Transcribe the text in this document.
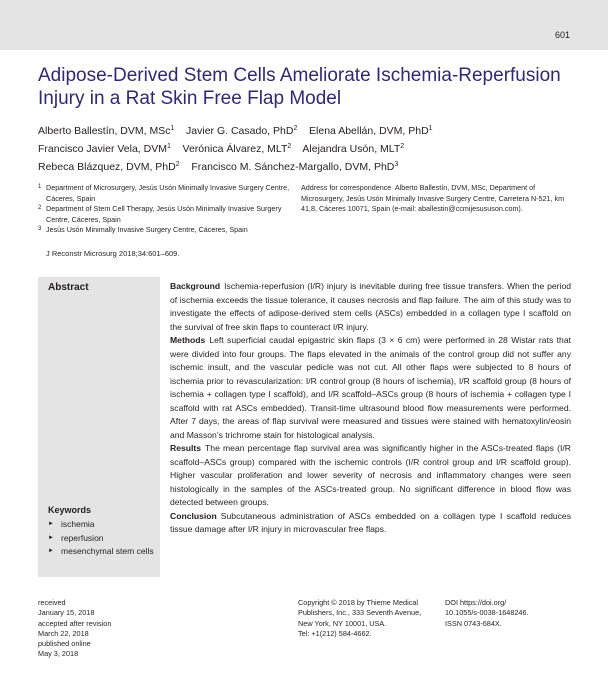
601
Adipose-Derived Stem Cells Ameliorate Ischemia-Reperfusion Injury in a Rat Skin Free Flap Model
Alberto Ballestín, DVM, MSc$^1$ Javier G. Casado, PhD$^2$ Elena Abellán, DVM, PhD$^1$
Francisco Javier Vela, DVM$^1$ Verónica Álvarez, MLT$^2$ Alejandra Usón, MLT$^2$
Rebeca Blázquez, DVM, PhD$^2$ Francisco M. Sánchez-Margallo, DVM, PhD$^3$

1 Department of Microsurgery, Jesús Usón Minimally Invasive Surgery Centre, Cáceres, Spain

2 Department of Stem Cell Therapy, Jesús Usón Minimally Invasive Surgery Centre, Cáceres, Spain

3 Jesús Usón Minimally Invasive Surgery Centre, Cáceres, Spain

Address for correspondence Alberto Ballestín, DVM, MSc, Department of Microsurgery, Jesús Usón Minimally Invasive Surgery Centre, Carretera N-521, km 41,8, Cáceres 10071, Spain (e-mail: aballestin@ccmijesususon.com).
J Reconstr Microsurg 2018;34:601–609.
Abstract
Keywords
► ischemia
► reperfusion
► mesenchymal stem cells

Background Ischemia-reperfusion (I/R) injury is inevitable during free tissue transfers. When the period of ischemia exceeds the tissue tolerance, it causes necrosis and flap failure. The aim of this study was to investigate the effects of adipose-derived stem cells (ASCs) embedded in a collagen type I scaffold on the survival of free skin flaps to counteract I/R injury.

Methods Left superficial caudal epigastric skin flaps (3 × 6 cm) were performed in 28 Wistar rats that were divided into four groups. The flaps elevated in the animals of the control group did not suffer any ischemic insult, and the vascular pedicle was not cut. All other flaps were subjected to 8 hours of ischemia prior to revascularization: I/R control group (8 hours of ischemia), I/R scaffold group (8 hours of ischemia + collagen type I scaffold), and I/R scaffold–ASCs group (8 hours of ischemia + collagen type I scaffold with rat ASCs embedded). Transit-time ultrasound blood flow measurements were performed. After 7 days, the areas of flap survival were measured and tissues were stained with hematoxylin/eosin and Masson’s trichrome stain for histological analysis.

Results The mean percentage flap survival area was significantly higher in the ASCs-treated flaps (I/R scaffold–ASCs group) compared with the ischemic controls (I/R control group and I/R scaffold group). Higher vascular proliferation and lower severity of necrosis and inflammatory changes were seen histologically in the samples of the ASCs-treated group. No significant difference in blood flow was detected between groups.

Conclusion Subcutaneous administration of ASCs embedded on a collagen type I scaffold reduces tissue damage after I/R injury in microvascular free flaps.

received
January 15, 2018
accepted after revision
March 22, 2018
published online
May 3, 2018
Copyright © 2018 by Thieme Medical
Publishers, Inc., 333 Seventh Avenue,
New York, NY 10001, USA.
Tel: +1(212) 584-4662.
DOI https://doi.org/
10.1055/s-0038-1648246.
ISSN 0743-684X.
